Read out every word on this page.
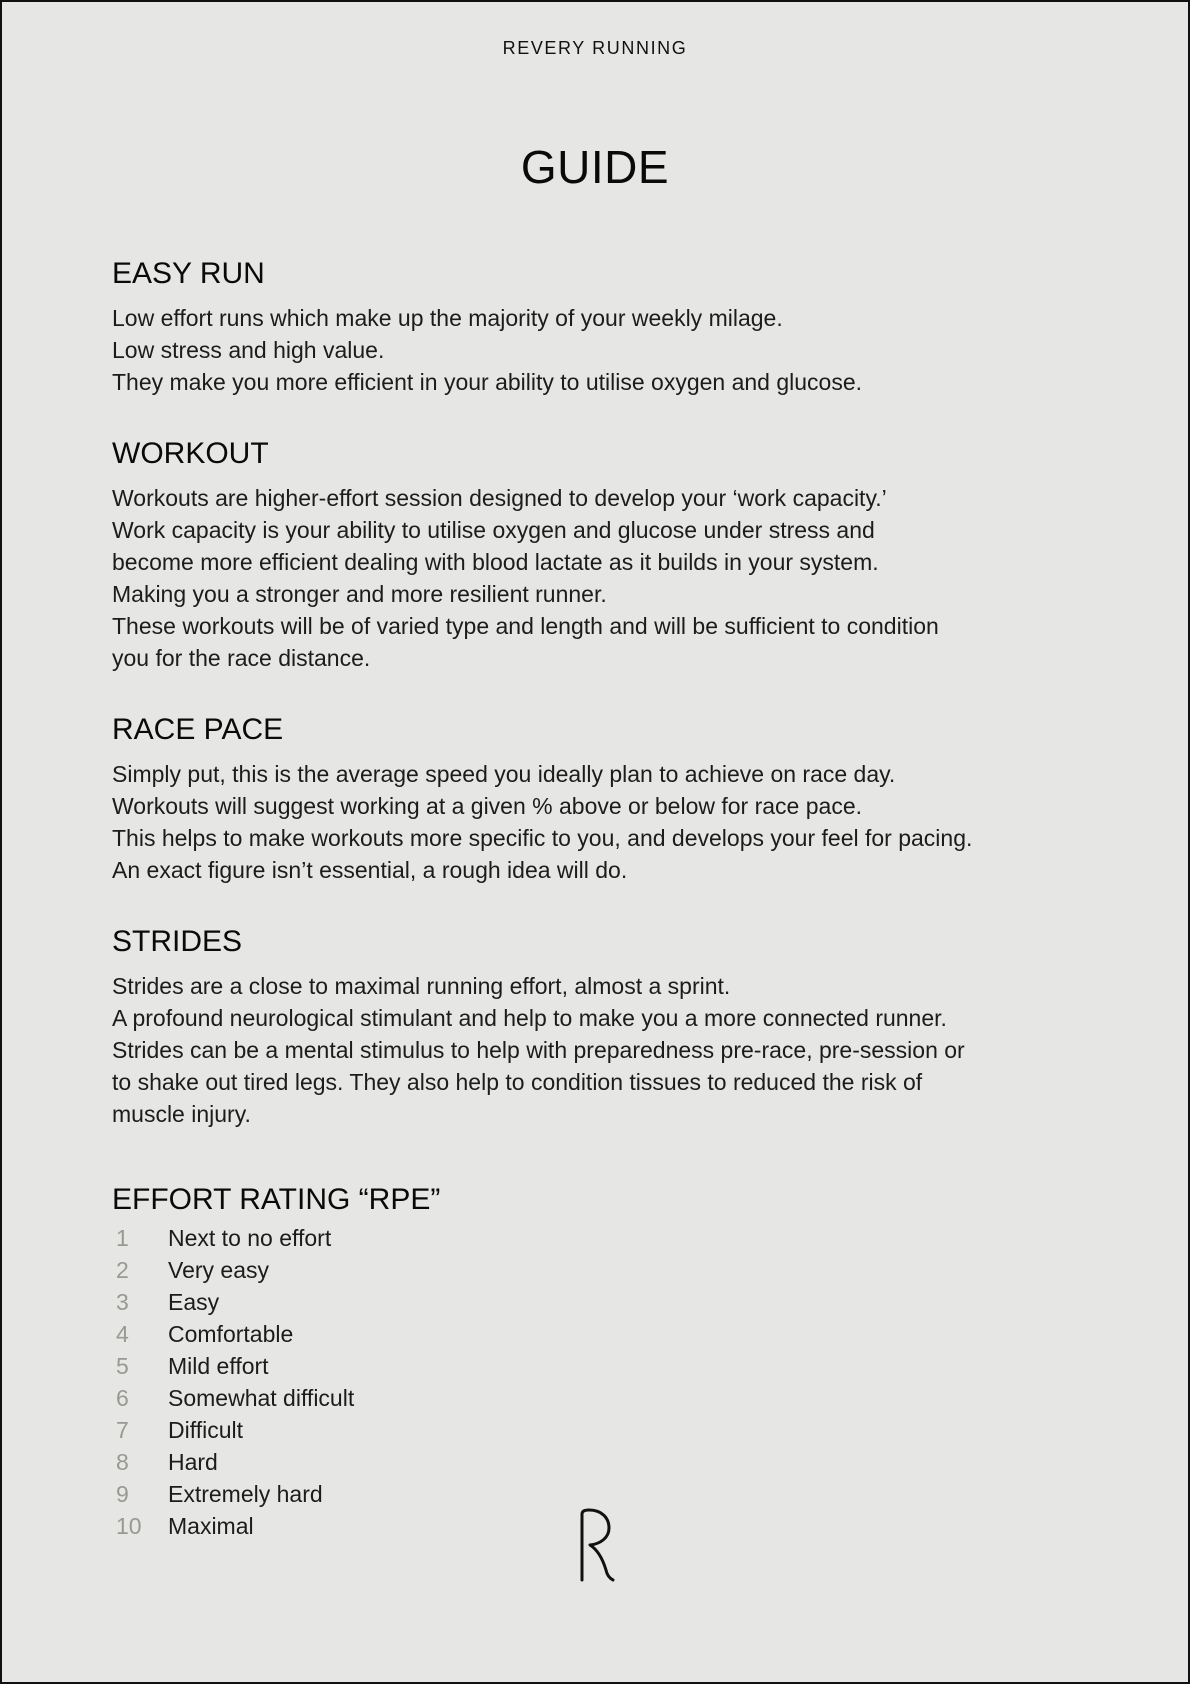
REVERY RUNNING
GUIDE
EASY RUN

Low effort runs which make up the majority of your weekly milage.

Low stress and high value.

They make you more efficient in your ability to utilise oxygen and glucose.

WORKOUT

Workouts are higher-effort session designed to develop your ‘work capacity.’

Work capacity is your ability to utilise oxygen and glucose under stress and

become more efficient dealing with blood lactate as it builds in your system.

Making you a stronger and more resilient runner.

These workouts will be of varied type and length and will be sufficient to condition

you for the race distance.

RACE PACE

Simply put, this is the average speed you ideally plan to achieve on race day.

Workouts will suggest working at a given % above or below for race pace.

This helps to make workouts more specific to you, and develops your feel for pacing.

An exact figure isn’t essential, a rough idea will do.

STRIDES

Strides are a close to maximal running effort, almost a sprint.

A profound neurological stimulant and help to make you a more connected runner.

Strides can be a mental stimulus to help with preparedness pre-race, pre-session or

to shake out tired legs. They also help to condition tissues to reduced the risk of

muscle injury.

EFFORT RATING “RPE”
1	Next to no effort
2	Very easy
3	Easy
4	Comfortable
5	Mild effort
6	Somewhat difficult
7	Difficult
8	Hard
9	Extremely hard
10	Maximal
